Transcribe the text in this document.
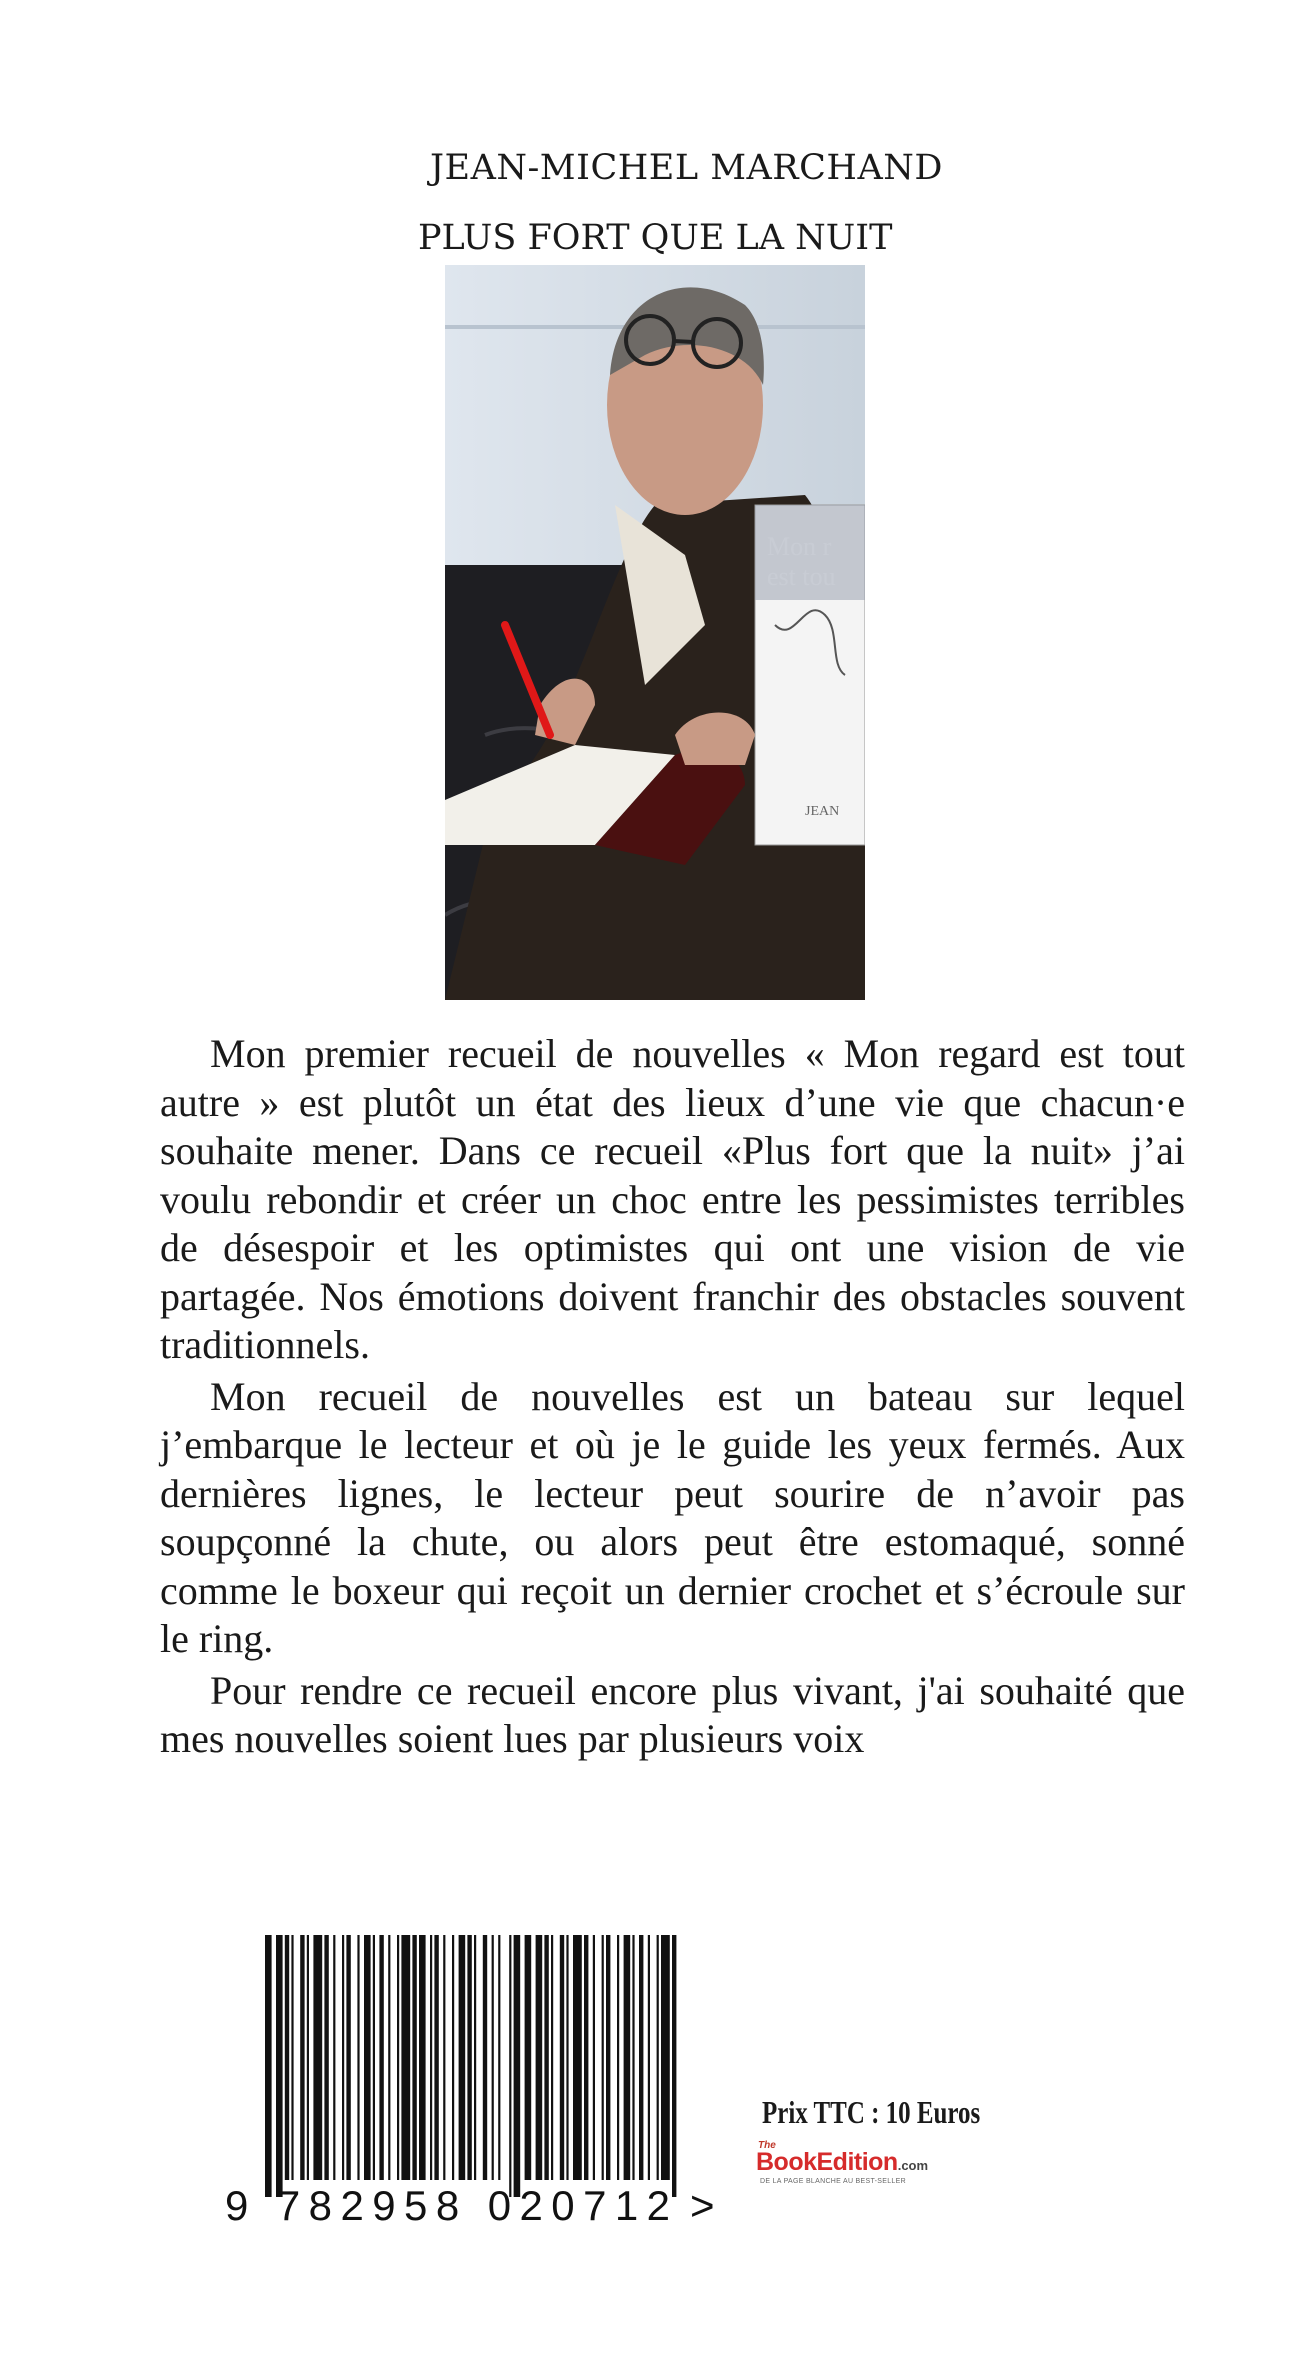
JEAN-MICHEL MARCHAND
PLUS FORT QUE LA NUIT
JEAN

Mon premier recueil de nouvelles « Mon regard est tout autre » est plutôt un état des lieux d’une vie que chacun·e souhaite mener. Dans ce recueil «Plus fort que la nuit» j’ai voulu rebondir et créer un choc entre les pessimistes terribles de désespoir et les optimistes qui ont une vision de vie partagée. Nos émotions doivent franchir des obstacles souvent traditionnels.

Mon recueil de nouvelles est un bateau sur lequel j’embarque le lecteur et où je le guide les yeux fermés. Aux dernières lignes, le lecteur peut sourire de n’avoir pas soupçonné la chute, ou alors peut être estomaqué, sonné comme le boxeur qui reçoit un dernier crochet et s’écroule sur le ring.

Pour rendre ce recueil encore plus vivant, j'ai souhaité que mes nouvelles soient lues par plusieurs voix

9 782958 020712 >
Prix TTC : 10 Euros
The
BookEdition.com
DE LA PAGE BLANCHE AU BEST-SELLER
